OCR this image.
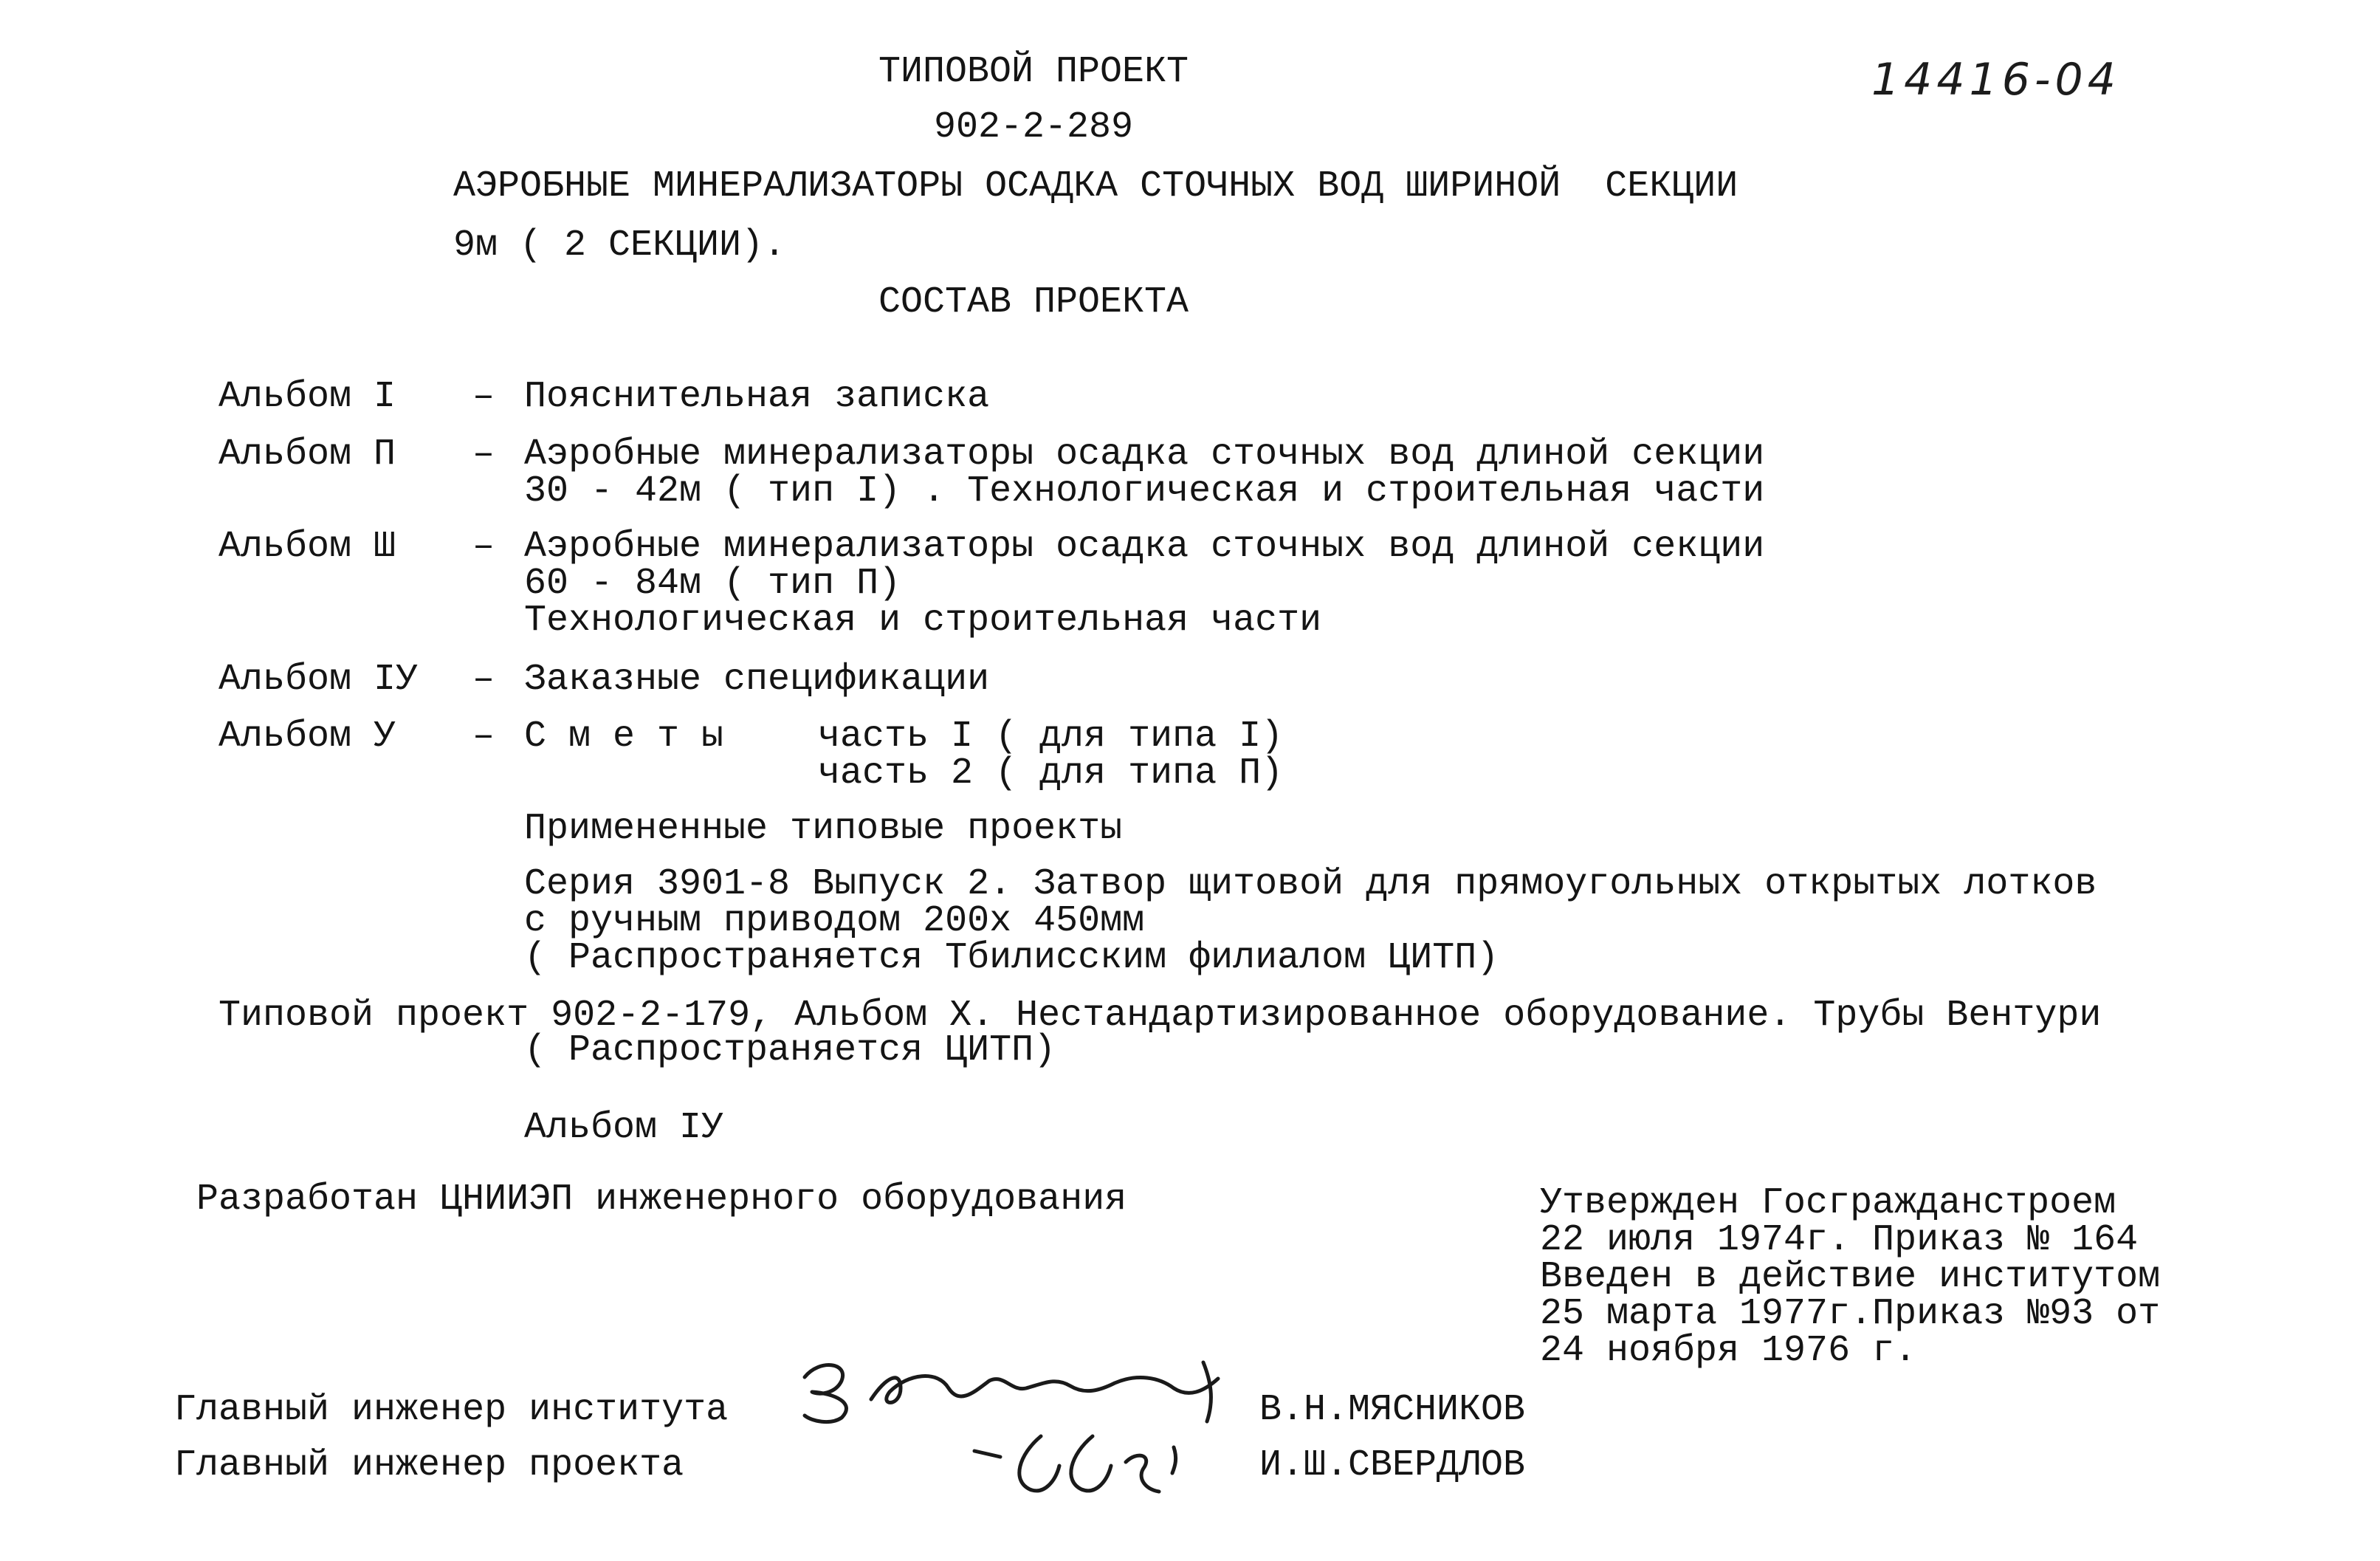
14416-04
ТИПОВОЙ ПРОЕКТ
902-2-289
АЭРОБНЫЕ МИНЕРАЛИЗАТОРЫ ОСАДКА СТОЧНЫХ ВОД ШИРИНОЙ  СЕКЦИИ
9м ( 2 СЕКЦИИ).
СОСТАВ ПРОЕКТА
Альбом I – Пояснительная записка
Альбом П – Аэробные минерализаторы осадка сточных вод длиной секции
30 - 42м ( тип I) . Технологическая и строительная части
Альбом Ш – Аэробные минерализаторы осадка сточных вод длиной секции
60 - 84м ( тип П)
Технологическая и строительная части
Альбом IУ – Заказные спецификации
Альбом У – С м е т ы	часть I ( для типа I)
часть 2 ( для типа П)
Примененные типовые проекты
Серия 3901-8 Выпуск 2. Затвор щитовой для прямоугольных открытых лотков
с ручным приводом 200х 450мм
( Распространяется Тбилисским филиалом ЦИТП)
Типовой проект 902-2-179, Альбом Х. Нестандартизированное оборудование. Трубы Вентури
( Распространяется ЦИТП)
Альбом IУ
Разработан ЦНИИЭП инженерного оборудования	Утвержден Госгражданстроем
22 июля 1974г. Приказ № 164
Введен в действие институтом
25 марта 1977г.Приказ №93 от
24 ноября 1976 г.
Главный инженер института	В.Н.МЯСНИКОВ
Главный инженер проекта	И.Ш.СВЕРДЛОВ
